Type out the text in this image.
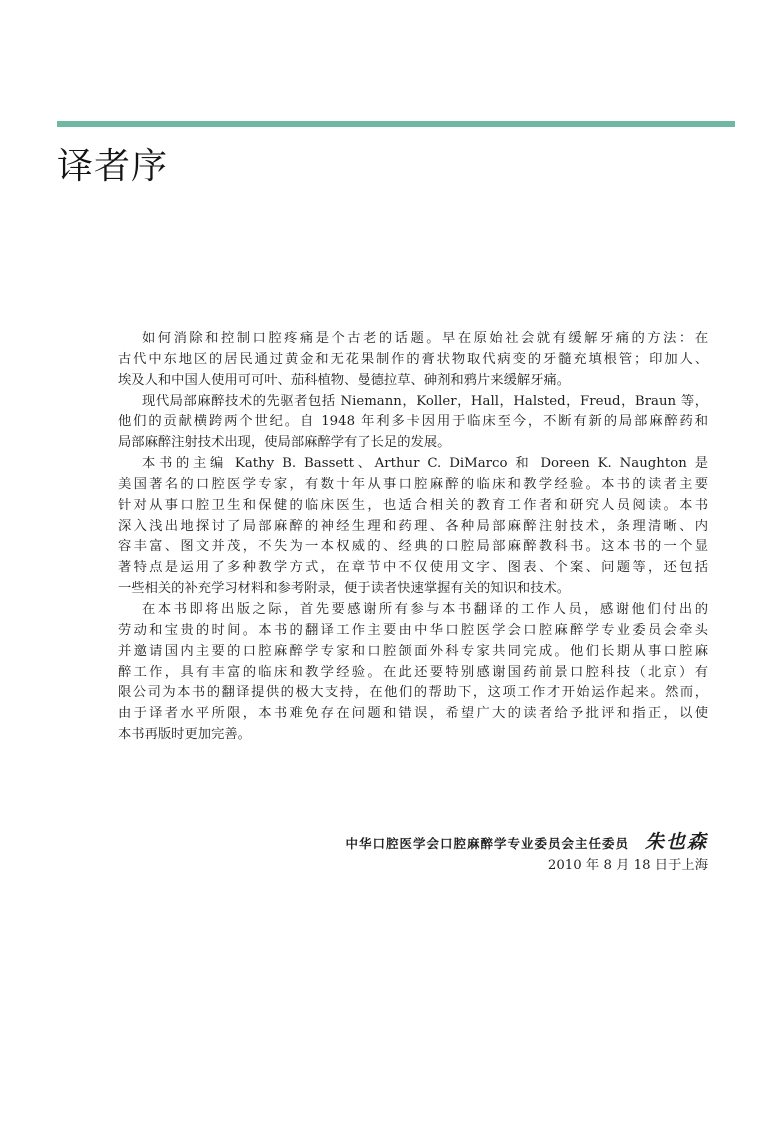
译者序
如何消除和控制口腔疼痛是个古老的话题。早在原始社会就有缓解牙痛的方法：在
古代中东地区的居民通过黄金和无花果制作的膏状物取代病变的牙髓充填根管；印加人、
埃及人和中国人使用可可叶、茄科植物、曼德拉草、砷剂和鸦片来缓解牙痛。
现代局部麻醉技术的先驱者包括 Niemann，Koller，Hall，Halsted，Freud，Braun 等，
他们的贡献横跨两个世纪。自 1948 年利多卡因用于临床至今，不断有新的局部麻醉药和
局部麻醉注射技术出现，使局部麻醉学有了长足的发展。
本书的主编 Kathy B. Bassett、Arthur C. DiMarco 和 Doreen K. Naughton 是
美国著名的口腔医学专家，有数十年从事口腔麻醉的临床和教学经验。本书的读者主要
针对从事口腔卫生和保健的临床医生，也适合相关的教育工作者和研究人员阅读。本书
深入浅出地探讨了局部麻醉的神经生理和药理、各种局部麻醉注射技术，条理清晰、内
容丰富、图文并茂，不失为一本权威的、经典的口腔局部麻醉教科书。这本书的一个显
著特点是运用了多种教学方式，在章节中不仅使用文字、图表、个案、问题等，还包括
一些相关的补充学习材料和参考附录，便于读者快速掌握有关的知识和技术。
在本书即将出版之际，首先要感谢所有参与本书翻译的工作人员，感谢他们付出的
劳动和宝贵的时间。本书的翻译工作主要由中华口腔医学会口腔麻醉学专业委员会牵头
并邀请国内主要的口腔麻醉学专家和口腔颌面外科专家共同完成。他们长期从事口腔麻
醉工作，具有丰富的临床和教学经验。在此还要特别感谢国药前景口腔科技（北京）有
限公司为本书的翻译提供的极大支持，在他们的帮助下，这项工作才开始运作起来。然而，
由于译者水平所限，本书难免存在问题和错误，希望广大的读者给予批评和指正，以使
本书再版时更加完善。
中华口腔医学会口腔麻醉学专业委员会主任委员 朱也森
2010 年 8 月 18 日于上海
